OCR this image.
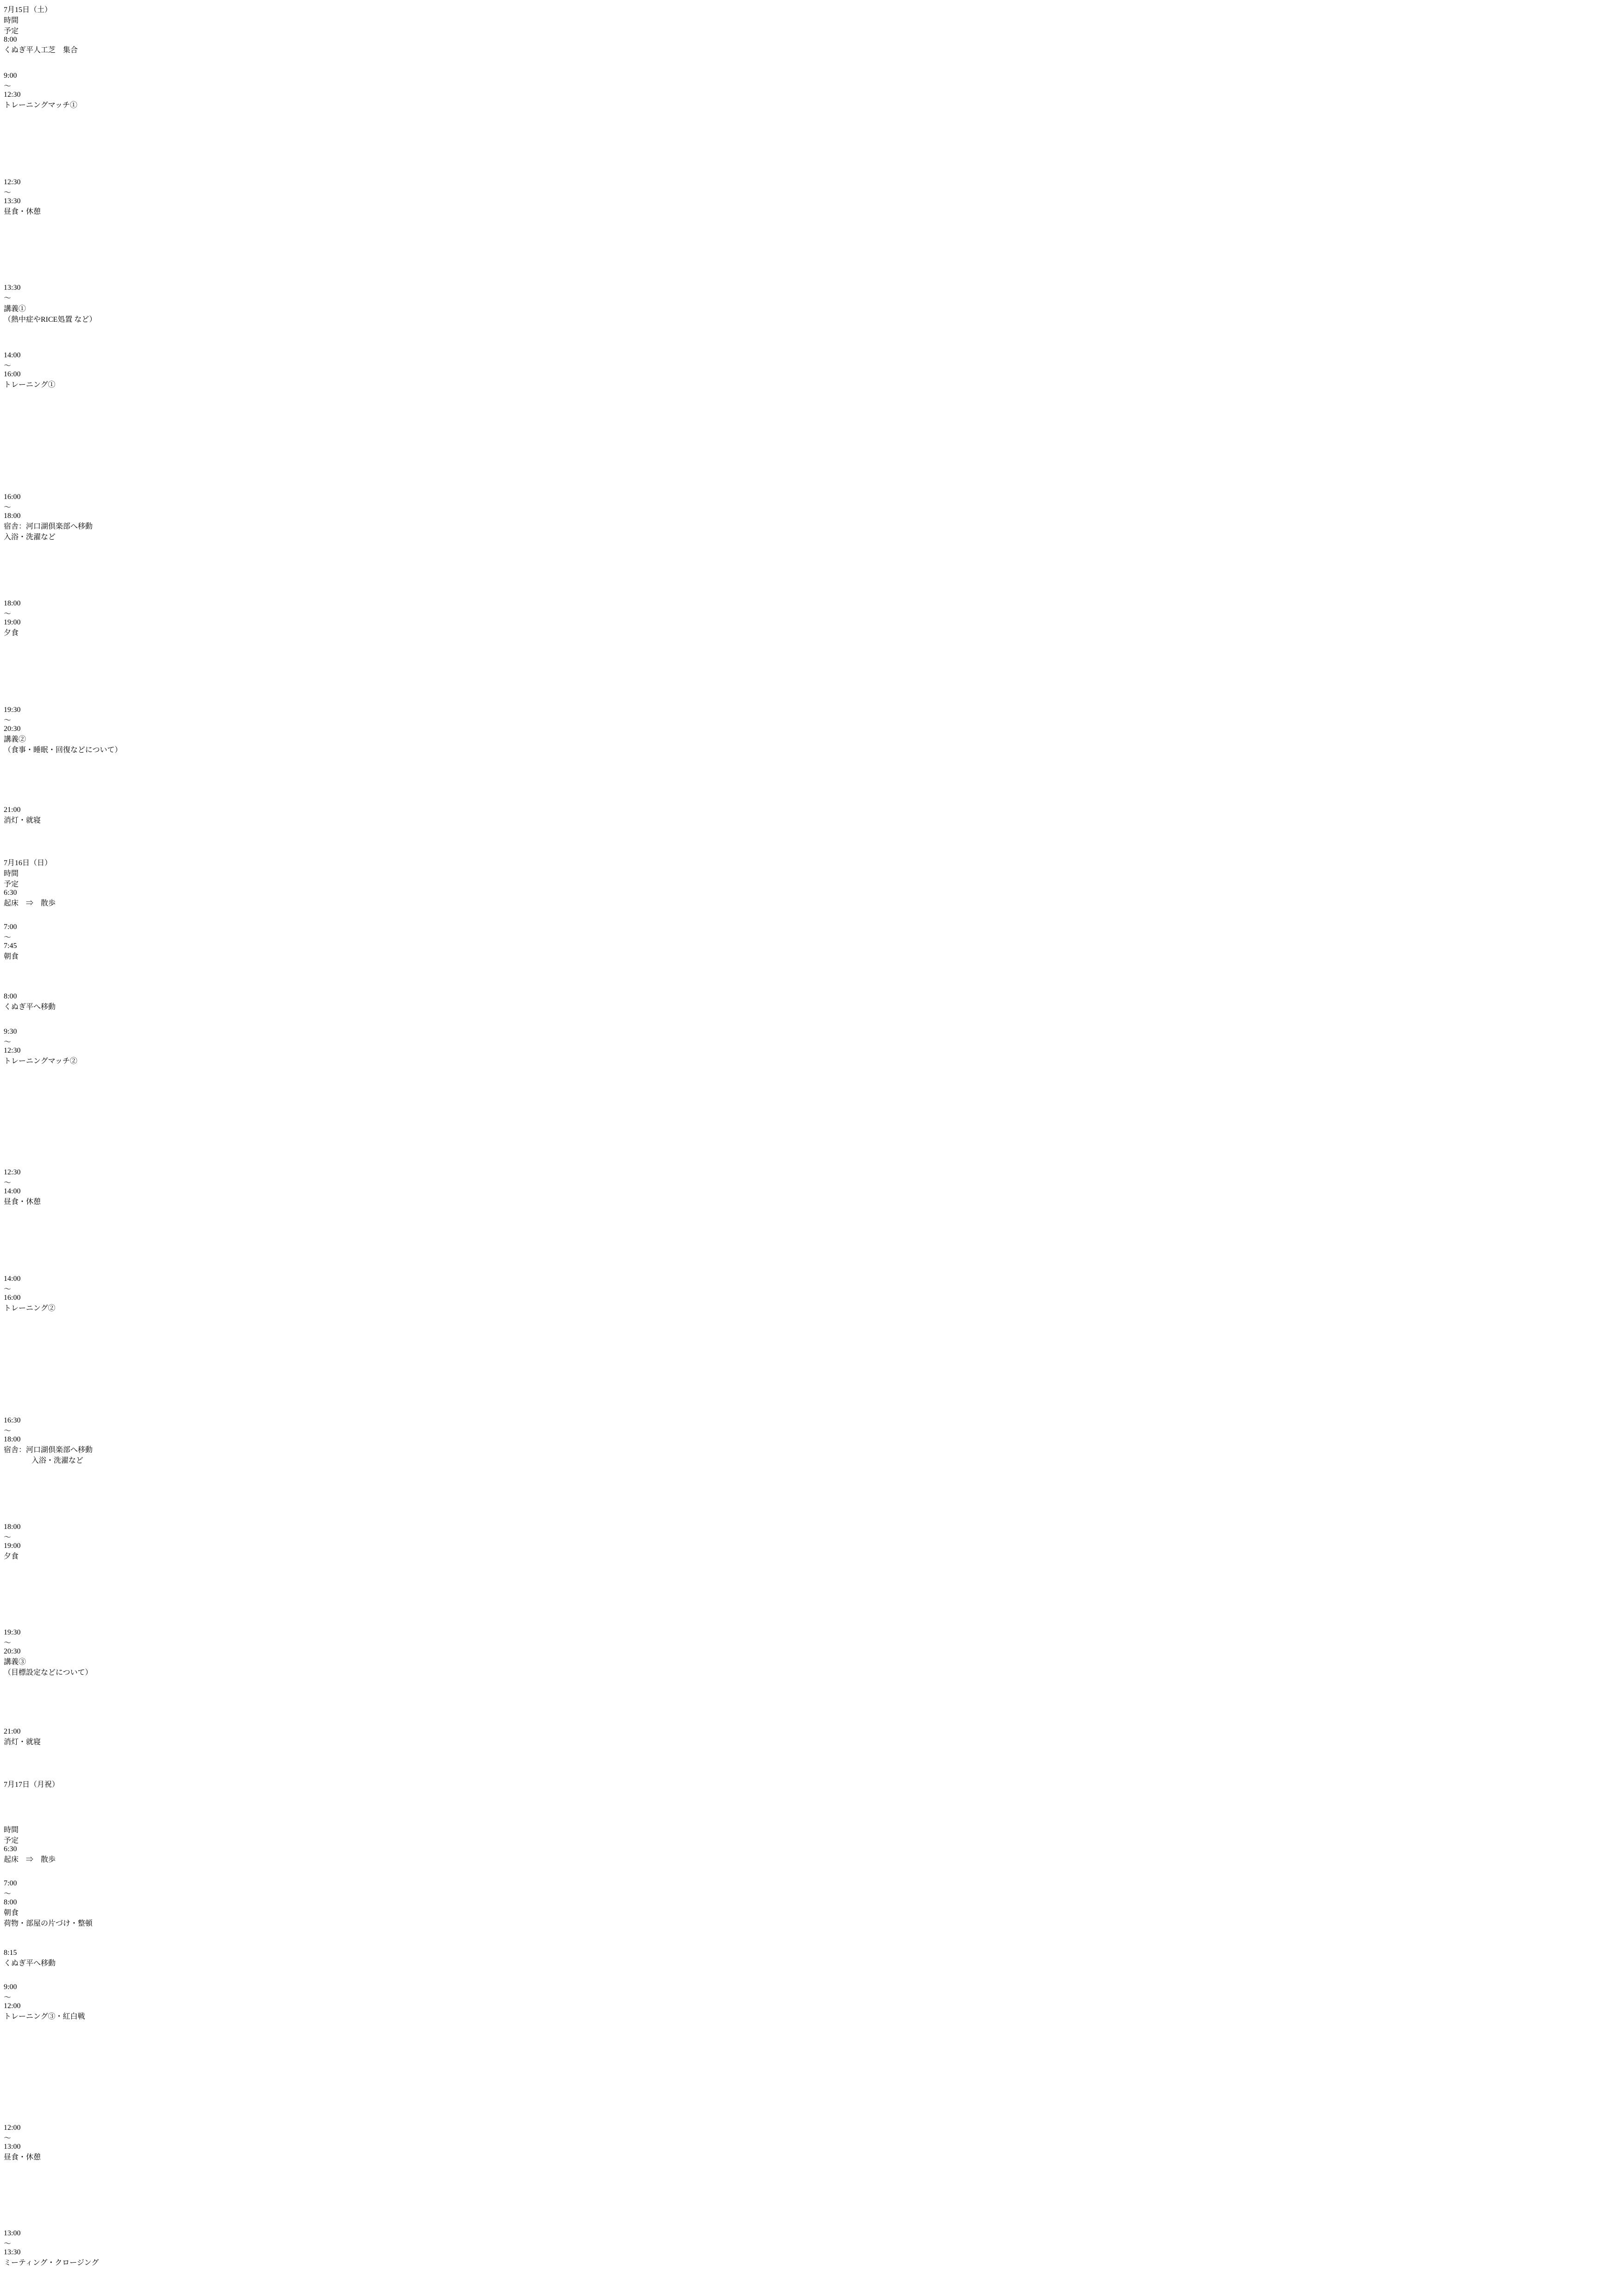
7月15日（土）
時間
予定
8:00
くぬぎ平人工芝　集合
9:00
〜
12:30
トレーニングマッチ①
12:30
〜
13:30
昼食・休憩
13:30
〜
講義①
（熱中症やRICE処置 など）
14:00
〜
16:00
トレーニング①
16:00
〜
18:00
宿舎：河口湖倶楽部へ移動
入浴・洗濯など
18:00
〜
19:00
夕食
19:30
〜
20:30
講義②
（食事・睡眠・回復などについて）
21:00
消灯・就寝
7月16日（日）
時間
予定
6:30
起床　⇒　散歩
7:00
〜
7:45
朝食
8:00
くぬぎ平へ移動
9:30
〜
12:30
トレーニングマッチ②
12:30
〜
14:00
昼食・休憩
14:00
〜
16:00
トレーニング②
16:30
〜
18:00
宿舎：河口湖倶楽部へ移動
入浴・洗濯など
18:00
〜
19:00
夕食
19:30
〜
20:30
講義③
（目標設定などについて）
21:00
消灯・就寝
7月17日（月祝）
時間
予定
6:30
起床　⇒　散歩
7:00
〜
8:00
朝食
荷物・部屋の片づけ・整頓
8:15
くぬぎ平へ移動
9:00
〜
12:00
トレーニング③・紅白戦
12:00
〜
13:00
昼食・休憩
13:00
〜
13:30
ミーティング・クロージング
